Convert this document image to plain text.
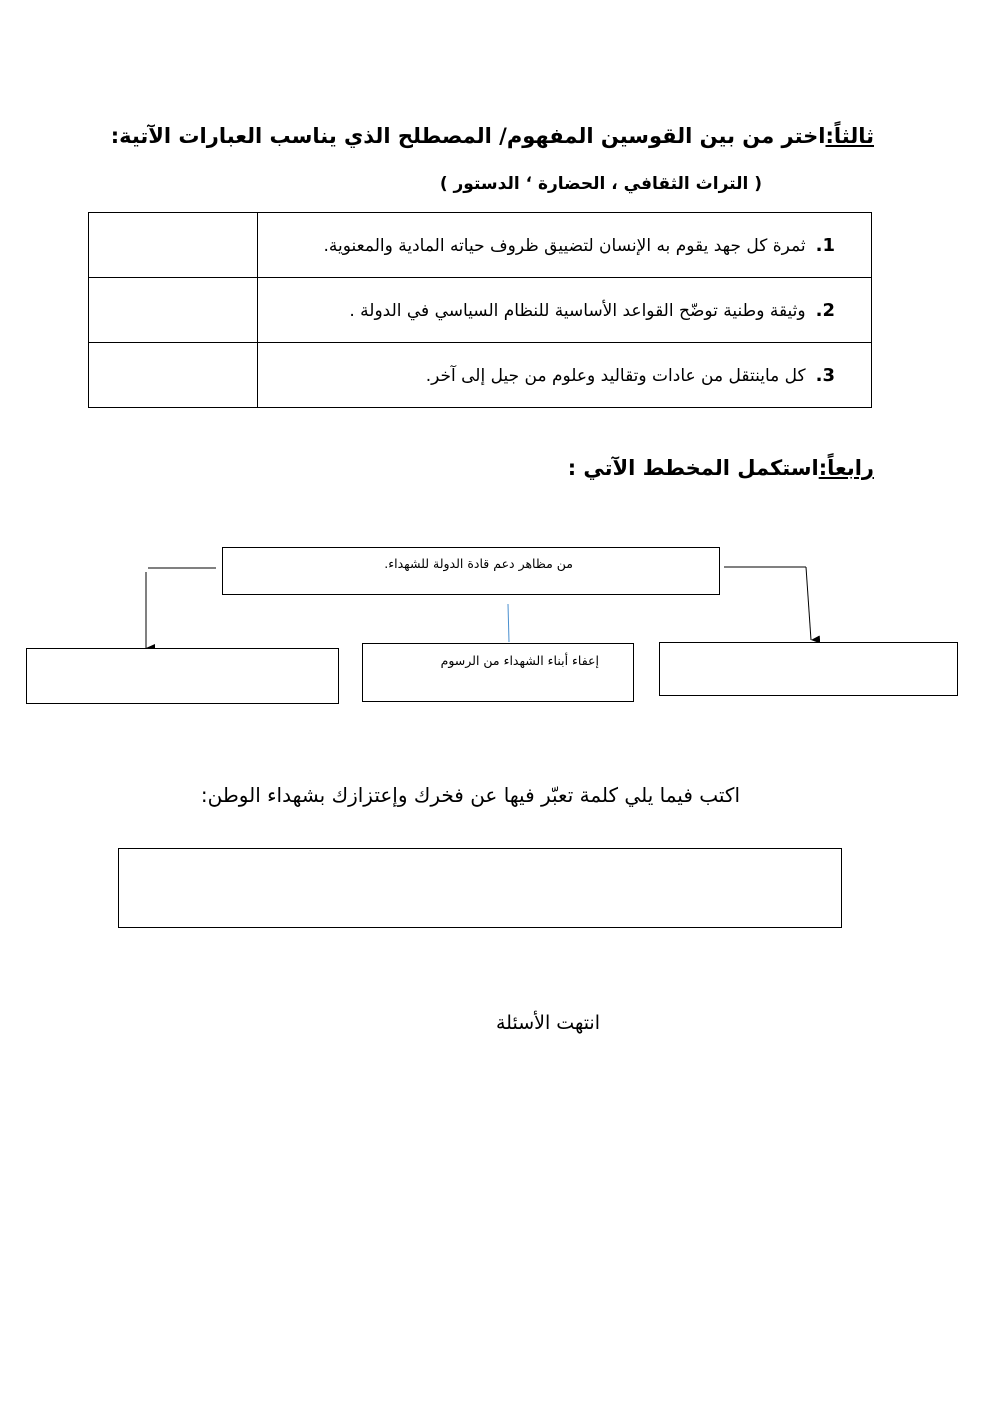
ثالثاً:اختر من بين القوسين المفهوم/ المصطلح الذي يناسب العبارات الآتية:
( التراث الثقافي ، الحضارة ‘ الدستور )
1.ثمرة كل جهد يقوم به الإنسان لتضييق ظروف حياته المادية والمعنوية.	
2.وثيقة وطنية توضّح القواعد الأساسية للنظام السياسي في الدولة .	
3.كل ماينتقل من عادات وتقاليد وعلوم من جيل إلى آخر.	
رابعاً:استكمل المخطط الآتي :
من مظاهر دعم قادة الدولة للشهداء.
إعفاء أبناء الشهداء من الرسوم
اكتب فيما يلي كلمة تعبّر فيها عن فخرك وإعتزازك بشهداء الوطن:
انتهت الأسئلة
